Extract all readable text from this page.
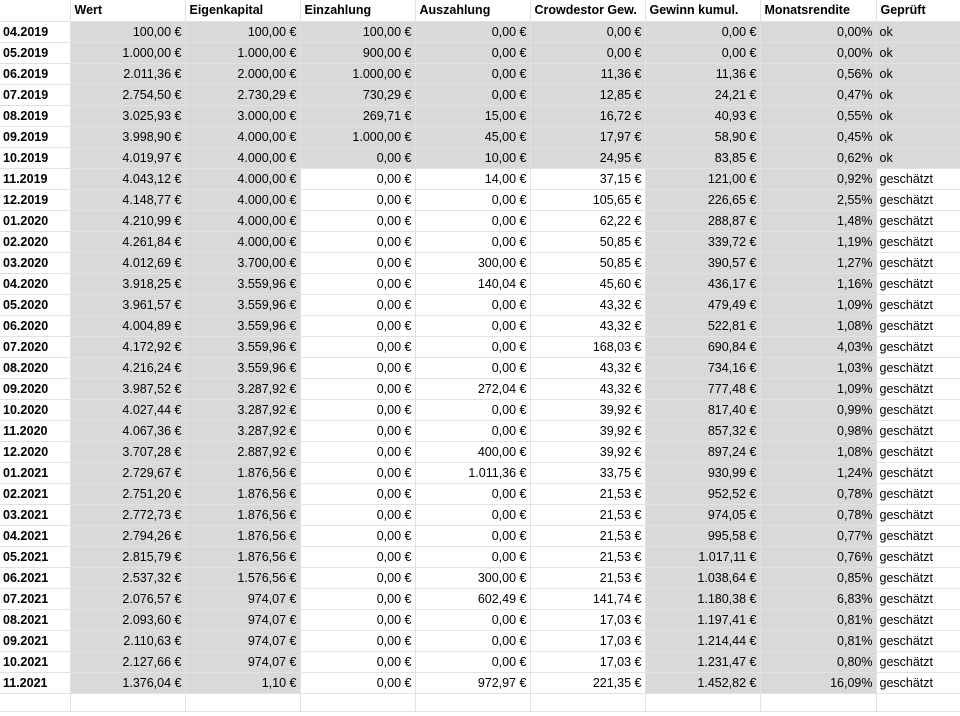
	Wert	Eigenkapital	Einzahlung	Auszahlung	Crowdestor Gew.	Gewinn kumul.	Monatsrendite	Geprüft
04.2019	100,00 €	100,00 €	100,00 €	0,00 €	0,00 €	0,00 €	0,00%	ok
05.2019	1.000,00 €	1.000,00 €	900,00 €	0,00 €	0,00 €	0,00 €	0,00%	ok
06.2019	2.011,36 €	2.000,00 €	1.000,00 €	0,00 €	11,36 €	11,36 €	0,56%	ok
07.2019	2.754,50 €	2.730,29 €	730,29 €	0,00 €	12,85 €	24,21 €	0,47%	ok
08.2019	3.025,93 €	3.000,00 €	269,71 €	15,00 €	16,72 €	40,93 €	0,55%	ok
09.2019	3.998,90 €	4.000,00 €	1.000,00 €	45,00 €	17,97 €	58,90 €	0,45%	ok
10.2019	4.019,97 €	4.000,00 €	0,00 €	10,00 €	24,95 €	83,85 €	0,62%	ok
11.2019	4.043,12 €	4.000,00 €	0,00 €	14,00 €	37,15 €	121,00 €	0,92%	geschätzt
12.2019	4.148,77 €	4.000,00 €	0,00 €	0,00 €	105,65 €	226,65 €	2,55%	geschätzt
01.2020	4.210,99 €	4.000,00 €	0,00 €	0,00 €	62,22 €	288,87 €	1,48%	geschätzt
02.2020	4.261,84 €	4.000,00 €	0,00 €	0,00 €	50,85 €	339,72 €	1,19%	geschätzt
03.2020	4.012,69 €	3.700,00 €	0,00 €	300,00 €	50,85 €	390,57 €	1,27%	geschätzt
04.2020	3.918,25 €	3.559,96 €	0,00 €	140,04 €	45,60 €	436,17 €	1,16%	geschätzt
05.2020	3.961,57 €	3.559,96 €	0,00 €	0,00 €	43,32 €	479,49 €	1,09%	geschätzt
06.2020	4.004,89 €	3.559,96 €	0,00 €	0,00 €	43,32 €	522,81 €	1,08%	geschätzt
07.2020	4.172,92 €	3.559,96 €	0,00 €	0,00 €	168,03 €	690,84 €	4,03%	geschätzt
08.2020	4.216,24 €	3.559,96 €	0,00 €	0,00 €	43,32 €	734,16 €	1,03%	geschätzt
09.2020	3.987,52 €	3.287,92 €	0,00 €	272,04 €	43,32 €	777,48 €	1,09%	geschätzt
10.2020	4.027,44 €	3.287,92 €	0,00 €	0,00 €	39,92 €	817,40 €	0,99%	geschätzt
11.2020	4.067,36 €	3.287,92 €	0,00 €	0,00 €	39,92 €	857,32 €	0,98%	geschätzt
12.2020	3.707,28 €	2.887,92 €	0,00 €	400,00 €	39,92 €	897,24 €	1,08%	geschätzt
01.2021	2.729,67 €	1.876,56 €	0,00 €	1.011,36 €	33,75 €	930,99 €	1,24%	geschätzt
02.2021	2.751,20 €	1.876,56 €	0,00 €	0,00 €	21,53 €	952,52 €	0,78%	geschätzt
03.2021	2.772,73 €	1.876,56 €	0,00 €	0,00 €	21,53 €	974,05 €	0,78%	geschätzt
04.2021	2.794,26 €	1.876,56 €	0,00 €	0,00 €	21,53 €	995,58 €	0,77%	geschätzt
05.2021	2.815,79 €	1.876,56 €	0,00 €	0,00 €	21,53 €	1.017,11 €	0,76%	geschätzt
06.2021	2.537,32 €	1.576,56 €	0,00 €	300,00 €	21,53 €	1.038,64 €	0,85%	geschätzt
07.2021	2.076,57 €	974,07 €	0,00 €	602,49 €	141,74 €	1.180,38 €	6,83%	geschätzt
08.2021	2.093,60 €	974,07 €	0,00 €	0,00 €	17,03 €	1.197,41 €	0,81%	geschätzt
09.2021	2.110,63 €	974,07 €	0,00 €	0,00 €	17,03 €	1.214,44 €	0,81%	geschätzt
10.2021	2.127,66 €	974,07 €	0,00 €	0,00 €	17,03 €	1.231,47 €	0,80%	geschätzt
11.2021	1.376,04 €	1,10 €	0,00 €	972,97 €	221,35 €	1.452,82 €	16,09%	geschätzt
